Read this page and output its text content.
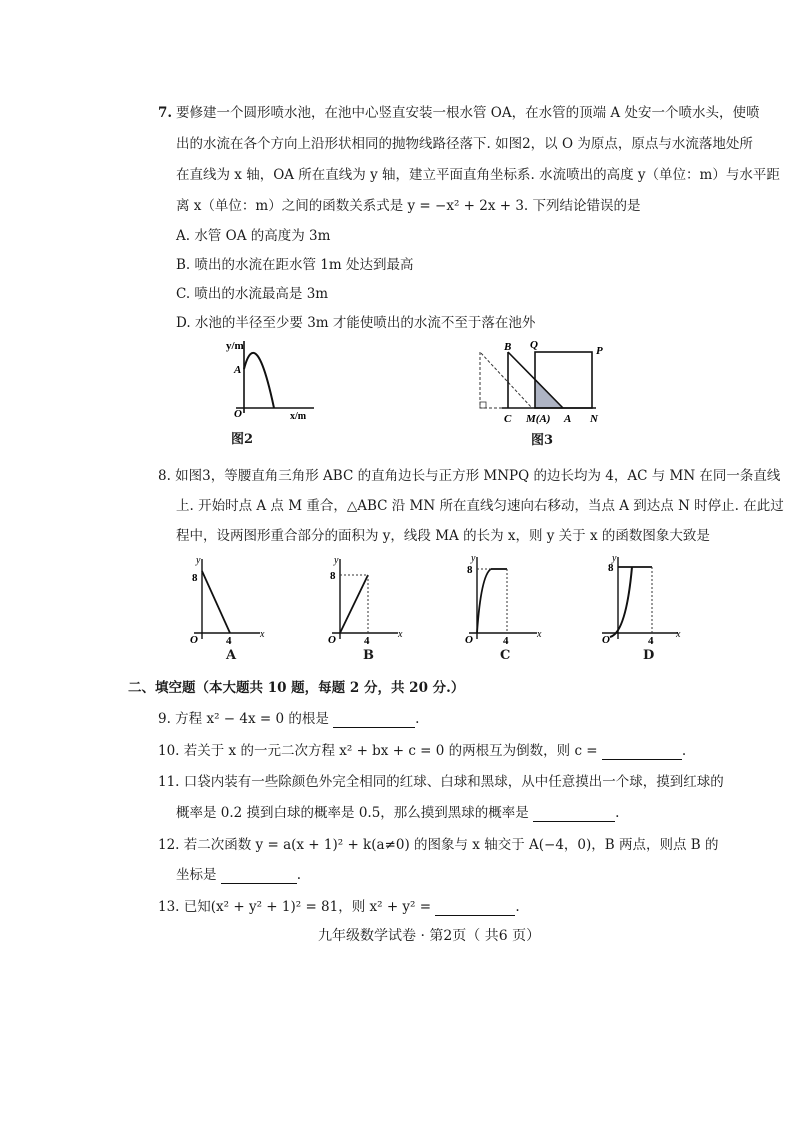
7. 要修建一个圆形喷水池，在池中心竖直安装一根水管 OA，在水管的顶端 A 处安一个喷水头，使喷
出的水流在各个方向上沿形状相同的抛物线路径落下. 如图2，以 O 为原点，原点与水流落地处所
在直线为 x 轴，OA 所在直线为 y 轴，建立平面直角坐标系. 水流喷出的高度 y（单位：m）与水平距
离 x（单位：m）之间的函数关系式是 y = −x² + 2x + 3. 下列结论错误的是
A. 水管 OA 的高度为 3m
B. 喷出的水流在距水管 1m 处达到最高
C. 喷出的水流最高是 3m
D. 水池的半径至少要 3m 才能使喷出的水流不至于落在池外
y/m
A
O	x/m
图2
B Q	P
C M(A) A N
图3
8. 如图3，等腰直角三角形 ABC 的直角边长与正方形 MNPQ 的边长均为 4，AC 与 MN 在同一条直线
上. 开始时点 A 点 M 重合，△ABC 沿 MN 所在直线匀速向右移动，当点 A 到达点 N 时停止. 在此过
程中，设两图形重合部分的面积为 y，线段 MA 的长为 x，则 y 关于 x 的函数图象大致是
y
8
O	4
x
A
y
8
O	4
x
B
y
8
O	4
x
C
y
8
O	4
x
D
二、填空题（本大题共 10 题，每题 2 分，共 20 分.）
9. 方程 x² − 4x = 0 的根是	.
10. 若关于 x 的一元二次方程 x² + bx + c = 0 的两根互为倒数，则 c =	.
11. 口袋内装有一些除颜色外完全相同的红球、白球和黑球，从中任意摸出一个球，摸到红球的
概率是 0.2 摸到白球的概率是 0.5，那么摸到黑球的概率是	.
12. 若二次函数 y = a(x + 1)² + k(a≠0) 的图象与 x 轴交于 A(−4，0)，B 两点，则点 B 的
坐标是	.
13. 已知(x² + y² + 1)² = 81，则 x² + y² =	.
九年级数学试卷 · 第2页（ 共6 页）
